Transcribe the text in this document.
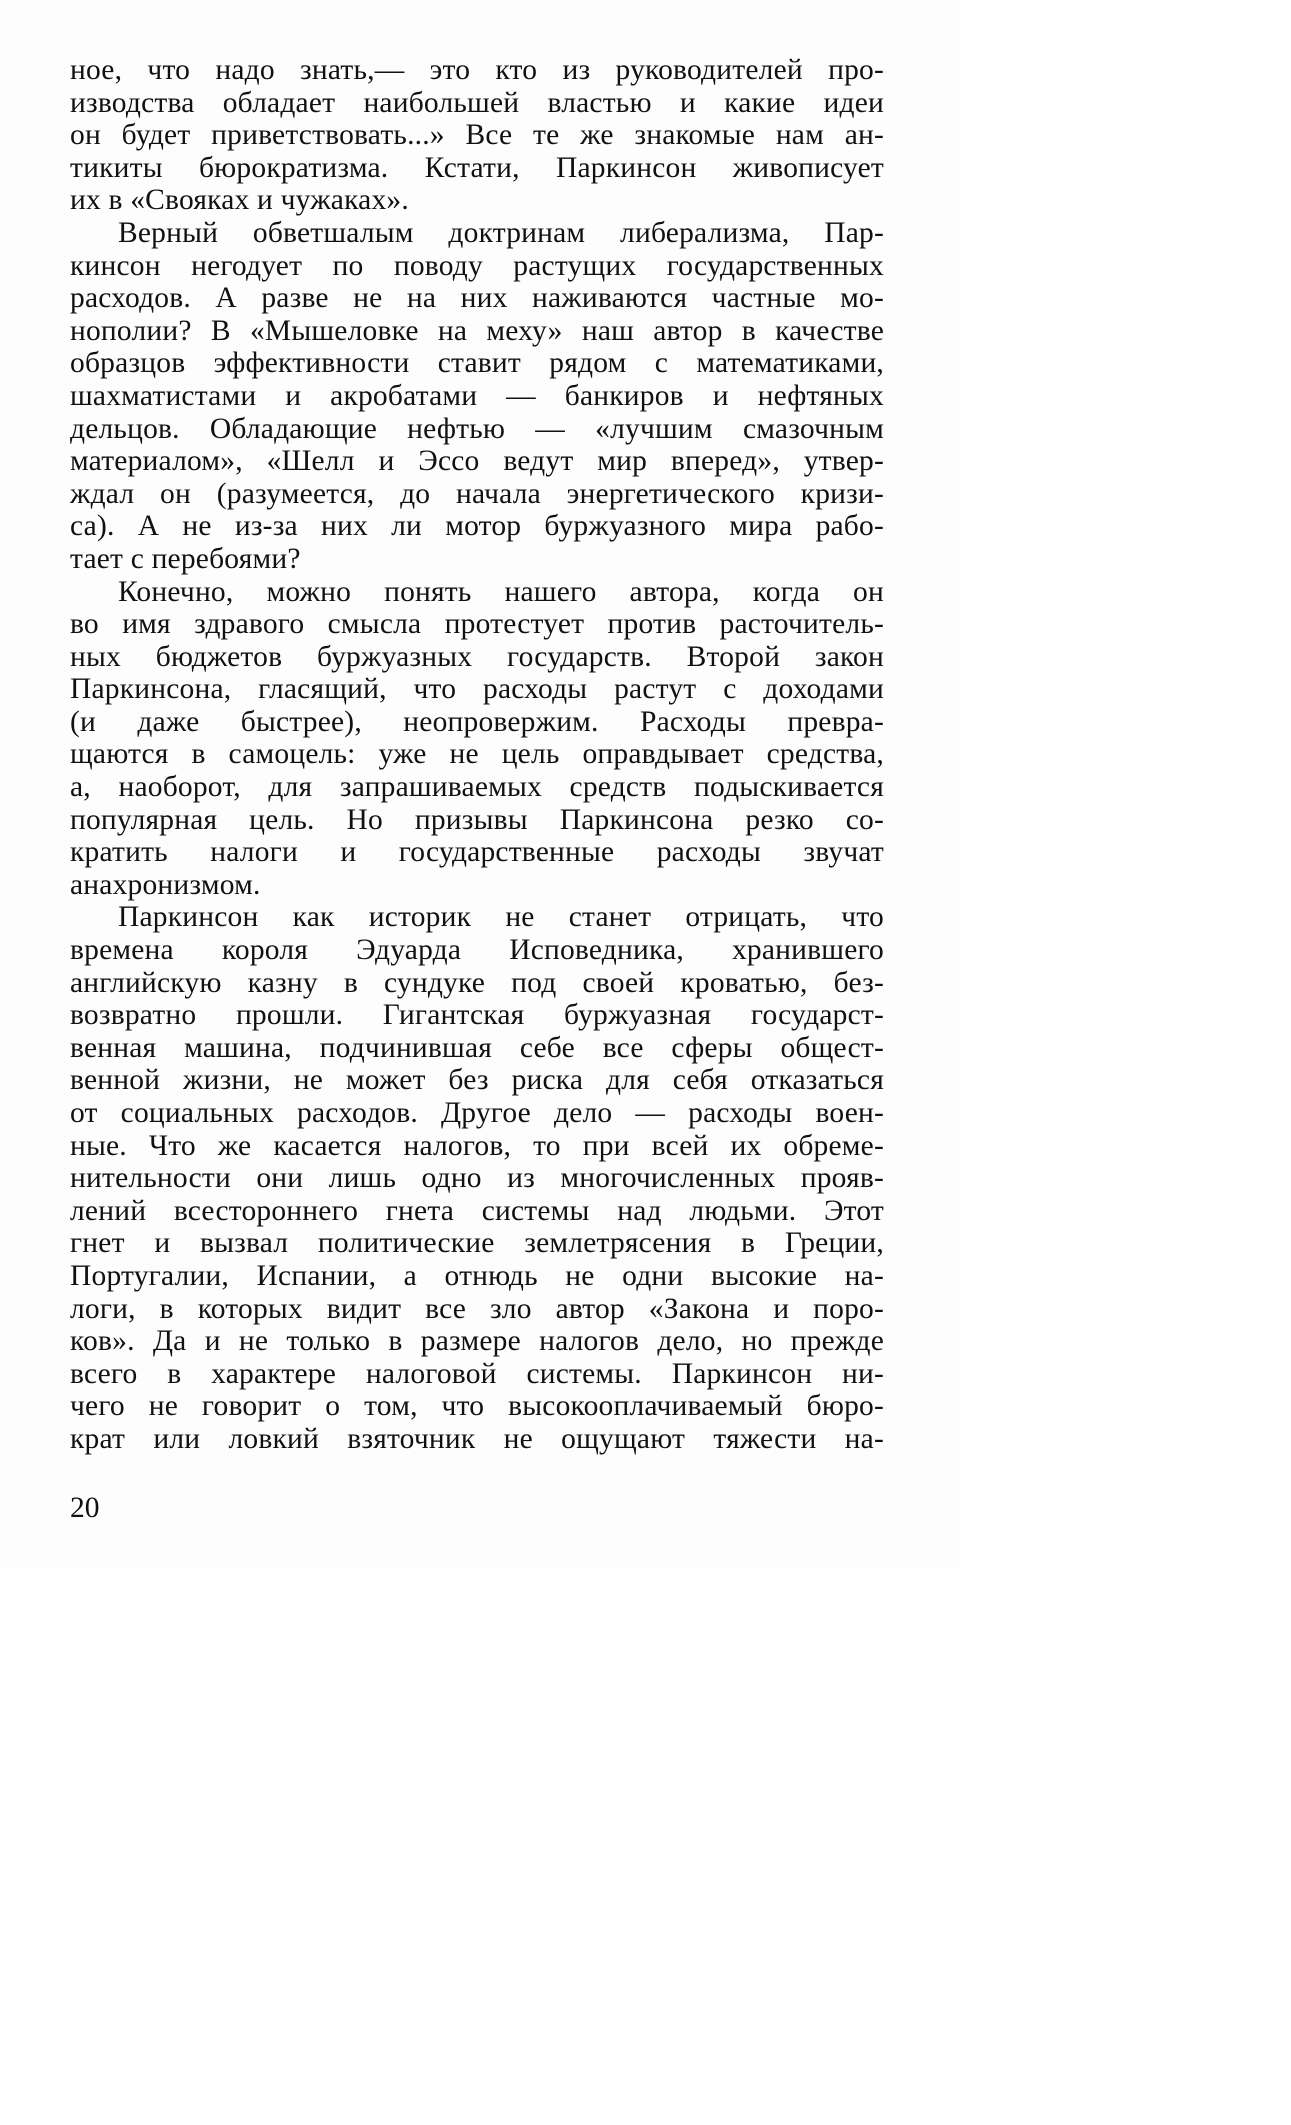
ное, что надо знать,— это кто из руководителей про-
изводства обладает наибольшей властью и какие идеи
он будет приветствовать...» Все те же знакомые нам ан-
тикиты бюрократизма. Кстати, Паркинсон живописует
их в «Свояках и чужаках».
Верный обветшалым доктринам либерализма, Пар-
кинсон негодует по поводу растущих государственных
расходов. А разве не на них наживаются частные мо-
нополии? В «Мышеловке на меху» наш автор в качестве
образцов эффективности ставит рядом с математиками,
шахматистами и акробатами — банкиров и нефтяных
дельцов. Обладающие нефтью — «лучшим смазочным
материалом», «Шелл и Эссо ведут мир вперед», утвер-
ждал он (разумеется, до начала энергетического кризи-
са). А не из-за них ли мотор буржуазного мира рабо-
тает с перебоями?
Конечно, можно понять нашего автора, когда он
во имя здравого смысла протестует против расточитель-
ных бюджетов буржуазных государств. Второй закон
Паркинсона, гласящий, что расходы растут с доходами
(и даже быстрее), неопровержим. Расходы превра-
щаются в самоцель: уже не цель оправдывает средства,
а, наоборот, для запрашиваемых средств подыскивается
популярная цель. Но призывы Паркинсона резко со-
кратить налоги и государственные расходы звучат
анахронизмом.
Паркинсон как историк не станет отрицать, что
времена короля Эдуарда Исповедника, хранившего
английскую казну в сундуке под своей кроватью, без-
возвратно прошли. Гигантская буржуазная государст-
венная машина, подчинившая себе все сферы общест-
венной жизни, не может без риска для себя отказаться
от социальных расходов. Другое дело — расходы воен-
ные. Что же касается налогов, то при всей их обреме-
нительности они лишь одно из многочисленных прояв-
лений всестороннего гнета системы над людьми. Этот
гнет и вызвал политические землетрясения в Греции,
Португалии, Испании, а отнюдь не одни высокие на-
логи, в которых видит все зло автор «Закона и поро-
ков». Да и не только в размере налогов дело, но прежде
всего в характере налоговой системы. Паркинсон ни-
чего не говорит о том, что высокооплачиваемый бюро-
крат или ловкий взяточник не ощущают тяжести на-
20
